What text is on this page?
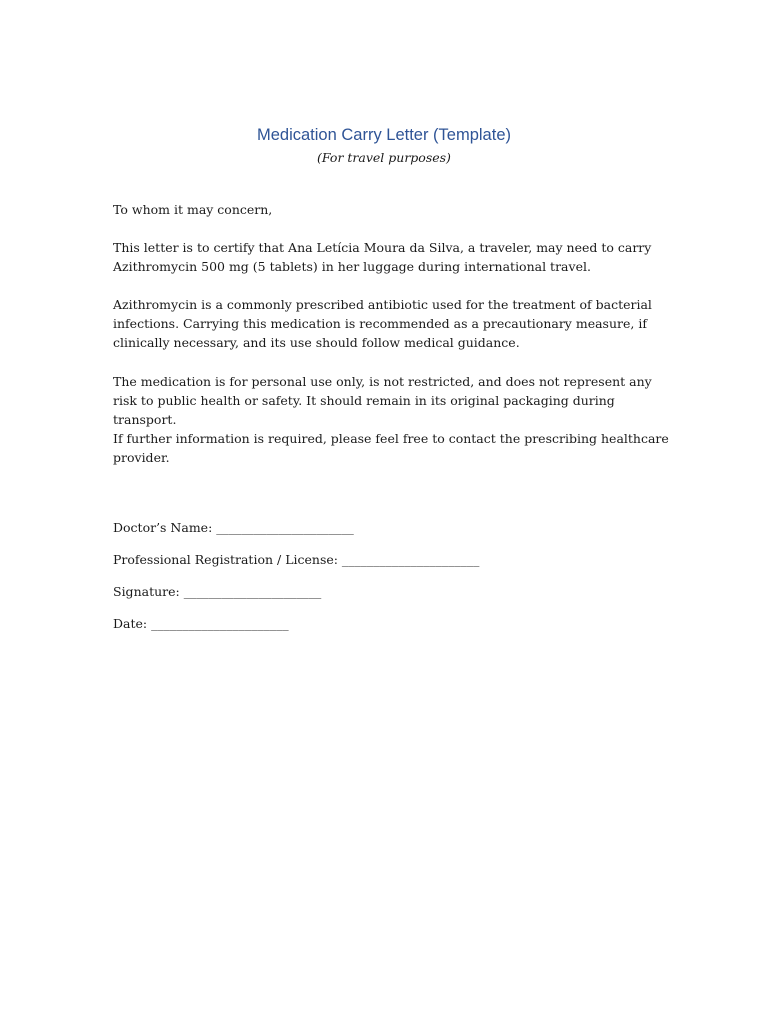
Medication Carry Letter (Template)

(For travel purposes)

To whom it may concern,

This letter is to certify that Ana Letícia Moura da Silva, a traveler, may need to carry Azithromycin 500 mg (5 tablets) in her luggage during international travel.

Azithromycin is a commonly prescribed antibiotic used for the treatment of bacterial infections. Carrying this medication is recommended as a precautionary measure, if clinically necessary, and its use should follow medical guidance.

The medication is for personal use only, is not restricted, and does not represent any risk to public health or safety. It should remain in its original packaging during transport.

If further information is required, please feel free to contact the prescribing healthcare provider.

Doctor’s Name: ______________________

Professional Registration / License: ______________________

Signature: ______________________

Date: ______________________
